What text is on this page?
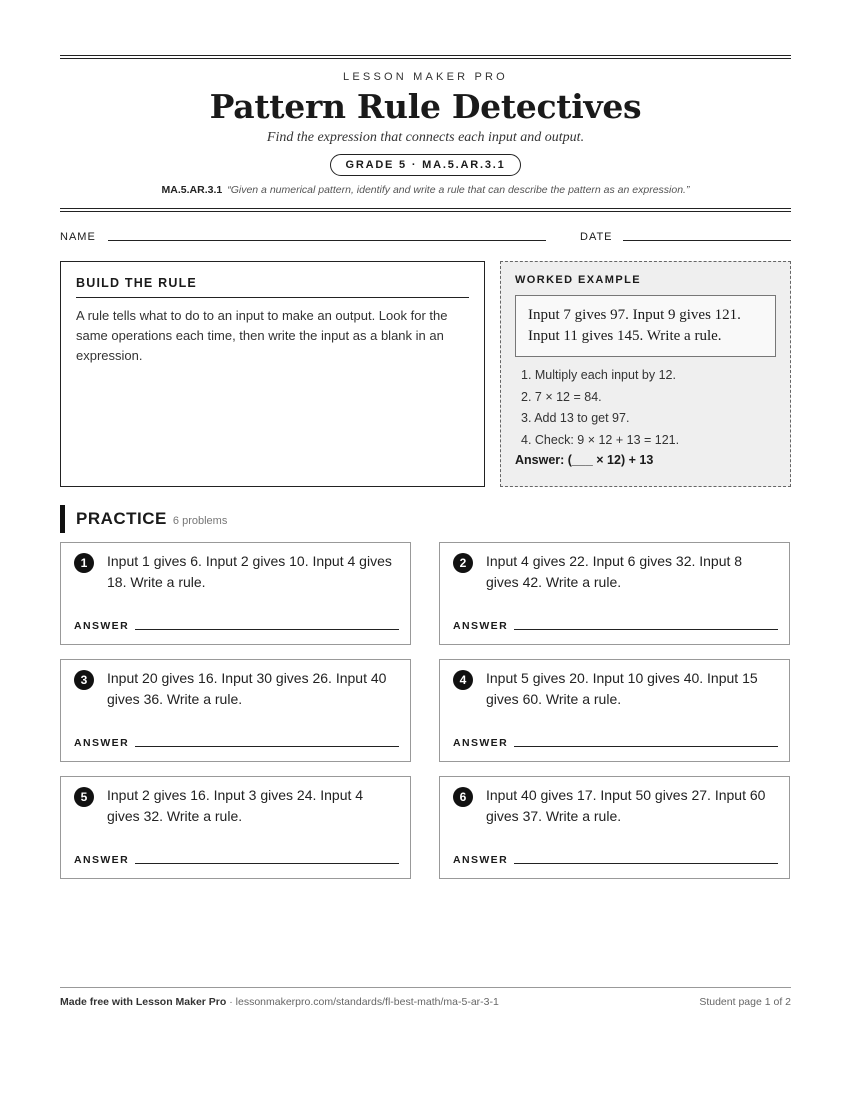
LESSON MAKER PRO
Pattern Rule Detectives
Find the expression that connects each input and output.
GRADE 5 · MA.5.AR.3.1
MA.5.AR.3.1 “Given a numerical pattern, identify and write a rule that can describe the pattern as an expression.”
NAME	DATE
BUILD THE RULE
A rule tells what to do to an input to make an output. Look for the same operations each time, then write the input as a blank in an expression.
WORKED EXAMPLE
Input 7 gives 97. Input 9 gives 121. Input 11 gives 145. Write a rule.
1. Multiply each input by 12.
2. 7 × 12 = 84.
3. Add 13 to get 97.
4. Check: 9 × 12 + 13 = 121.
Answer: (___ × 12) + 13
PRACTICE 6 problems
1	Input 1 gives 6. Input 2 gives 10. Input 4 gives 18. Write a rule.
ANSWER
2	Input 4 gives 22. Input 6 gives 32. Input 8 gives 42. Write a rule.
ANSWER
3	Input 20 gives 16. Input 30 gives 26. Input 40 gives 36. Write a rule.
ANSWER
4	Input 5 gives 20. Input 10 gives 40. Input 15 gives 60. Write a rule.
ANSWER
5	Input 2 gives 16. Input 3 gives 24. Input 4 gives 32. Write a rule.
ANSWER
6	Input 40 gives 17. Input 50 gives 27. Input 60 gives 37. Write a rule.
ANSWER
Made free with Lesson Maker Pro · lessonmakerpro.com/standards/fl-best-math/ma-5-ar-3-1	Student page 1 of 2
